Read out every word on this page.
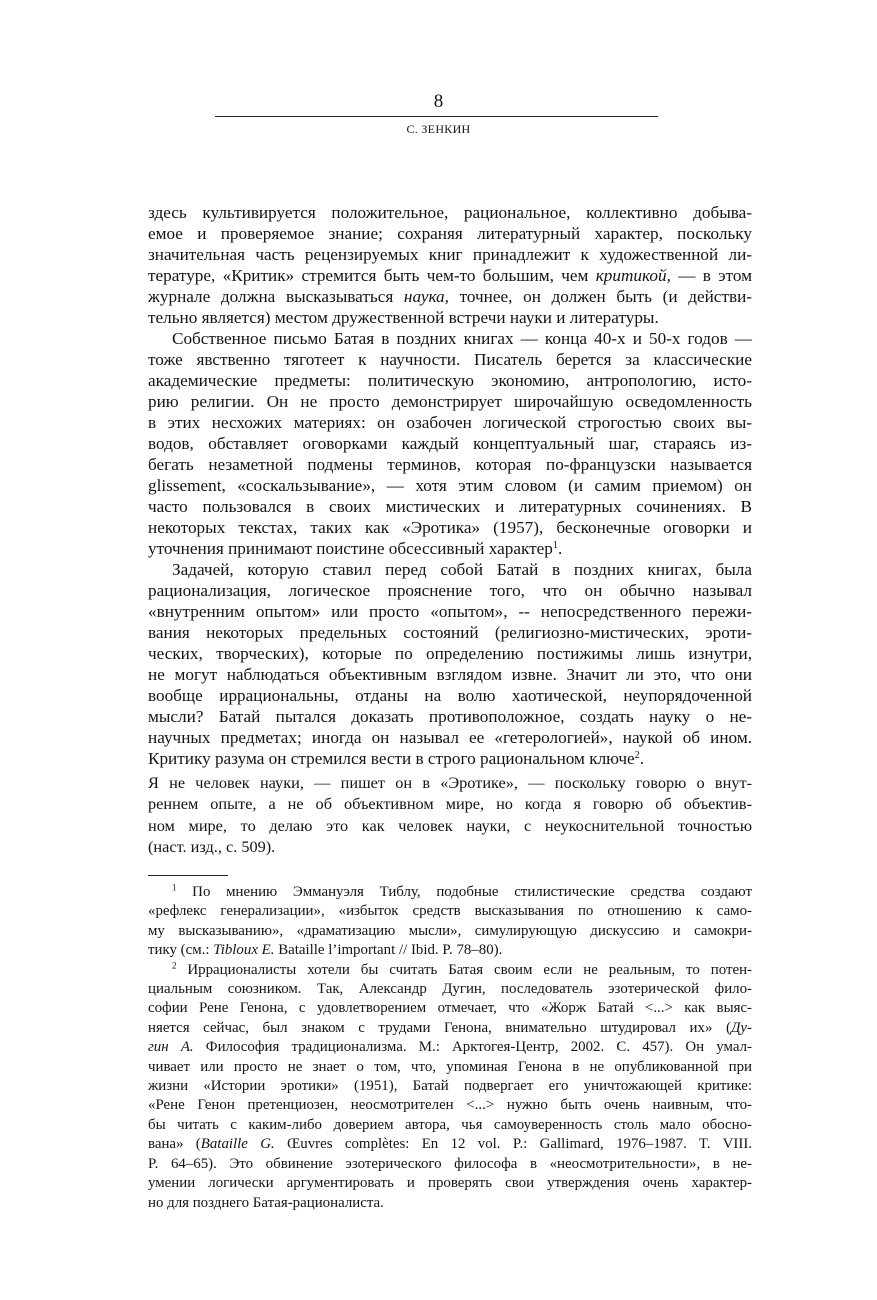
8
С. ЗЕНКИН
здесь культивируется положительное, рациональное, коллективно добыва-
емое и проверяемое знание; сохраняя литературный характер, поскольку
значительная часть рецензируемых книг принадлежит к художественной ли-
тературе, «Критик» стремится быть чем-то большим, чем критикой, — в этом
журнале должна высказываться наука, точнее, он должен быть (и действи-
тельно является) местом дружественной встречи науки и литературы.
Собственное письмо Батая в поздних книгах — конца 40-х и 50-х годов —
тоже явственно тяготеет к научности. Писатель берется за классические
академические предметы: политическую экономию, антропологию, исто-
рию религии. Он не просто демонстрирует широчайшую осведомленность
в этих несхожих материях: он озабочен логической строгостью своих вы-
водов, обставляет оговорками каждый концептуальный шаг, стараясь из-
бегать незаметной подмены терминов, которая по-французски называется
glissement, «соскальзывание», — хотя этим словом (и самим приемом) он
часто пользовался в своих мистических и литературных сочинениях. В
некоторых текстах, таких как «Эротика» (1957), бесконечные оговорки и
уточнения принимают поистине обсессивный характер$^1$.
Задачей, которую ставил перед собой Батай в поздних книгах, была
рационализация, логическое прояснение того, что он обычно называл
«внутренним опытом» или просто «опытом», -- непосредственного пережи-
вания некоторых предельных состояний (религиозно-мистических, эроти-
ческих, творческих), которые по определению постижимы лишь изнутри,
не могут наблюдаться объективным взглядом извне. Значит ли это, что они
вообще иррациональны, отданы на волю хаотической, неупорядоченной
мысли? Батай пытался доказать противоположное, создать науку о не-
научных предметах; иногда он называл ее «гетерологией», наукой об ином.
Критику разума он стремился вести в строго рациональном ключе$^2$.
Я не человек науки, — пишет он в «Эротике», — поскольку говорю о внут-
реннем опыте, а не об объективном мире, но когда я говорю об объектив-
ном мире, то делаю это как человек науки, с неукоснительной точностью
(наст. изд., с. 509).
$^1$ По мнению Эммануэля Тиблу, подобные стилистические средства создают
«рефлекс генерализации», «избыток средств высказывания по отношению к само-
му высказыванию», «драматизацию мысли», симулирующую дискуссию и самокри-
тику (см.: Tibloux E. Bataille l’important // Ibid. P. 78–80).
$^2$ Иррационалисты хотели бы считать Батая своим если не реальным, то потен-
циальным союзником. Так, Александр Дугин, последователь эзотерической фило-
софии Рене Генона, с удовлетворением отмечает, что «Жорж Батай <...> как выяс-
няется сейчас, был знаком с трудами Генона, внимательно штудировал их» (Ду-
гин А. Философия традиционализма. М.: Арктогея-Центр, 2002. С. 457). Он умал-
чивает или просто не знает о том, что, упоминая Генона в не опубликованной при
жизни «Истории эротики» (1951), Батай подвергает его уничтожающей критике:
«Рене Генон претенциозен, неосмотрителен <...> нужно быть очень наивным, что-
бы читать с каким-либо доверием автора, чья самоуверенность столь мало обосно-
вана» (Bataille G. Œuvres complètes: En 12 vol. P.: Gallimard, 1976–1987. T. VIII.
P. 64–65). Это обвинение эзотерического философа в «неосмотрительности», в не-
умении логически аргументировать и проверять свои утверждения очень характер-
но для позднего Батая-рационалиста.
